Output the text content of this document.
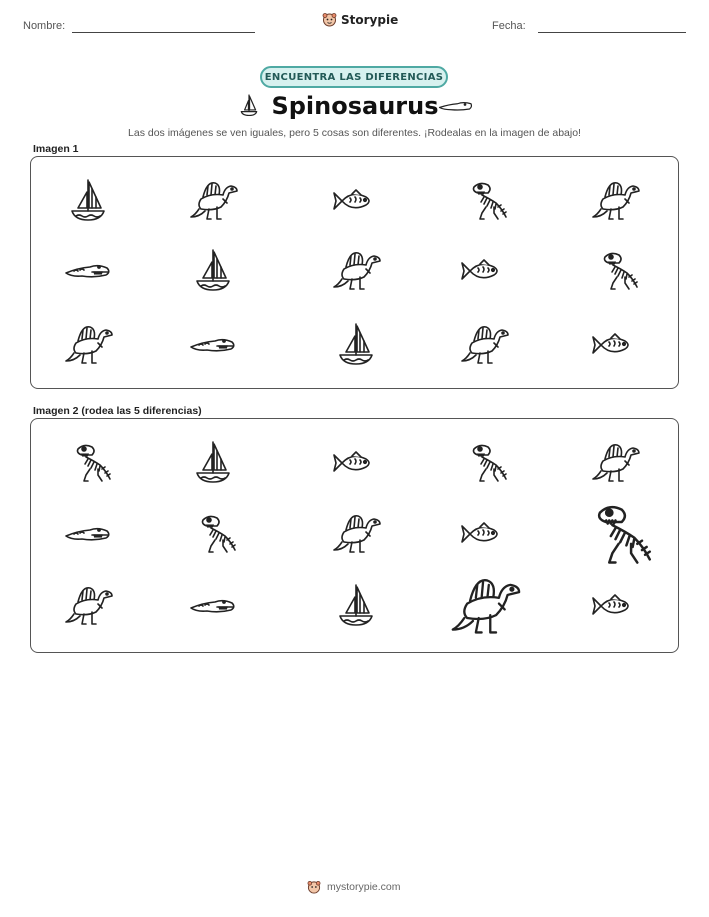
Nombre:	Storypie	Fecha:
ENCUENTRA LAS DIFERENCIAS
Spinosaurus
Las dos imágenes se ven iguales, pero 5 cosas son diferentes. ¡Rodealas en la imagen de abajo!
Imagen 1
Imagen 2 (rodea las 5 diferencias)
mystorypie.com
